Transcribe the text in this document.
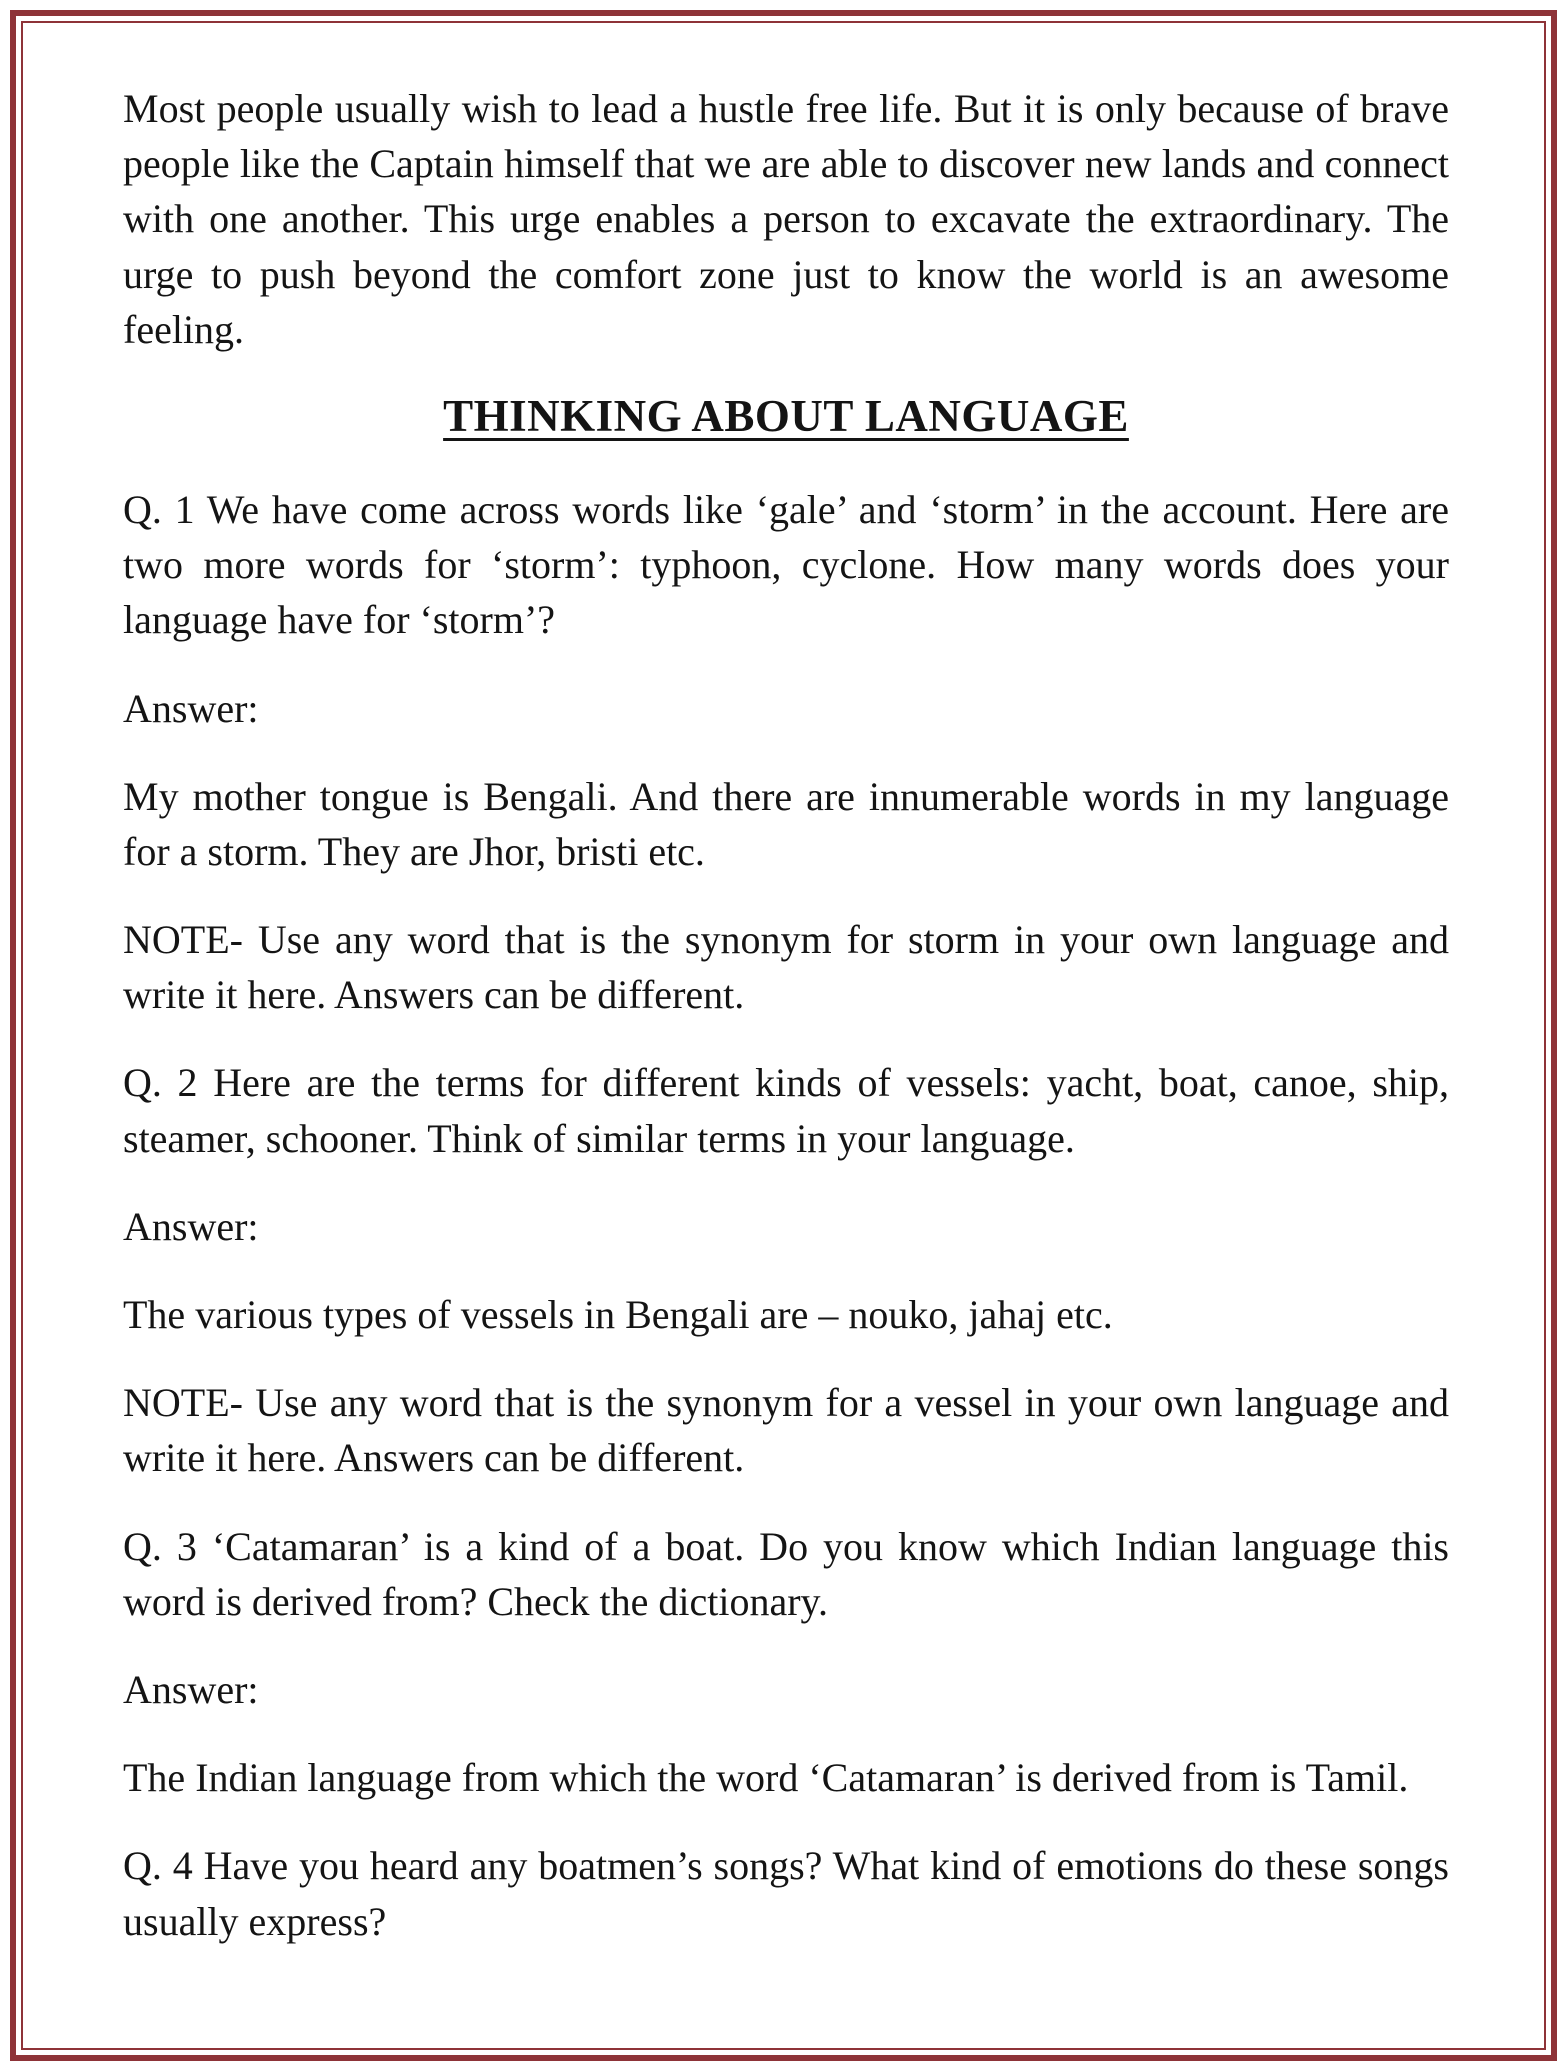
Most people usually wish to lead a hustle free life. But it is only because of brave people like the Captain himself that we are able to discover new lands and connect with one another. This urge enables a person to excavate the extraordinary. The urge to push beyond the comfort zone just to know the world is an awesome feeling.

THINKING ABOUT LANGUAGE

Q. 1 We have come across words like ‘gale’ and ‘storm’ in the account. Here are two more words for ‘storm’: typhoon, cyclone. How many words does your language have for ‘storm’?

Answer:

My mother tongue is Bengali. And there are innumerable words in my language for a storm. They are Jhor, bristi etc.

NOTE- Use any word that is the synonym for storm in your own language and write it here. Answers can be different.

Q. 2 Here are the terms for different kinds of vessels: yacht, boat, canoe, ship, steamer, schooner. Think of similar terms in your language.

Answer:

The various types of vessels in Bengali are – nouko, jahaj etc.

NOTE- Use any word that is the synonym for a vessel in your own language and write it here. Answers can be different.

Q. 3 ‘Catamaran’ is a kind of a boat. Do you know which Indian language this word is derived from? Check the dictionary.

Answer:

The Indian language from which the word ‘Catamaran’ is derived from is Tamil.

Q. 4 Have you heard any boatmen’s songs? What kind of emotions do these songs usually express?
